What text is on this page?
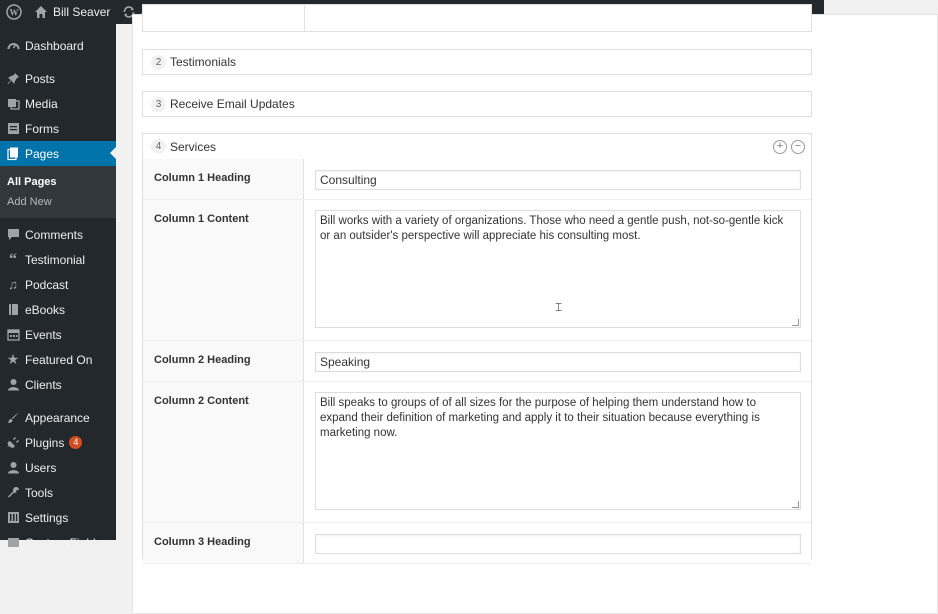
W	Bill Seaver
Dashboard
Posts
Media
Forms
Pages
All Pages
Add New
Comments
“ Testimonial
♫ Podcast
eBooks
Events
★ Featured On
Clients
Appearance
Plugins 4
Users
Tools
Settings
Custom Fields
2 Testimonials
3 Receive Email Updates
4 Services	+	−
Column 1 Heading	Consulting
Column 1 Content	Bill works with a variety of organizations. Those who need a gentle push, not-so-gentle kick or an outsider's perspective will appreciate his consulting most.
Column 2 Heading	Speaking
Column 2 Content	Bill speaks to groups of of all sizes for the purpose of helping them understand how to expand their definition of marketing and apply it to their situation because everything is marketing now.
Column 3 Heading
⌶
